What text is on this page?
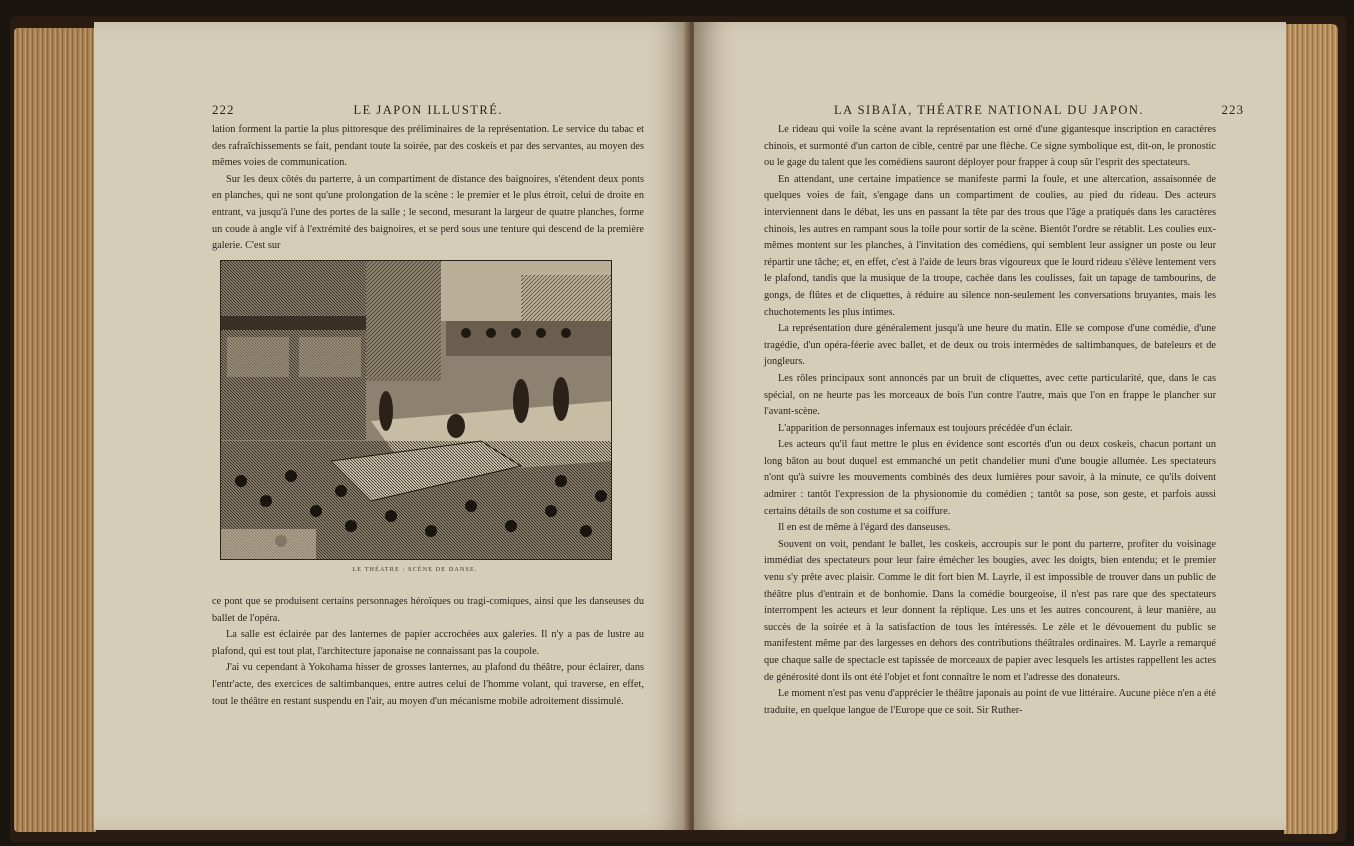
222	LE JAPON ILLUSTRÉ.

lation forment la partie la plus pittoresque des préliminaires de la représentation. Le service du tabac et des rafraîchissements se fait, pendant toute la soirée, par des coskeis et par des servantes, au moyen des mêmes voies de communication.

Sur les deux côtés du parterre, à un compartiment de distance des baignoires, s'étendent deux ponts en planches, qui ne sont qu'une prolongation de la scène : le premier et le plus étroit, celui de droite en entrant, va jusqu'à l'une des portes de la salle ; le second, mesurant la largeur de quatre planches, forme un coude à angle vif à l'extrémité des baignoires, et se perd sous une tenture qui descend de la première galerie. C'est sur

LE THÉATRE : SCÈNE DE DANSE.

ce pont que se produisent certains personnages héroïques ou tragi-comiques, ainsi que les danseuses du ballet de l'opéra.

La salle est éclairée par des lanternes de papier accrochées aux galeries. Il n'y a pas de lustre au plafond, qui est tout plat, l'architecture japonaise ne connaissant pas la coupole.

J'ai vu cependant à Yokohama hisser de grosses lanternes, au plafond du théâtre, pour éclairer, dans l'entr'acte, des exercices de saltimbanques, entre autres celui de l'homme volant, qui traverse, en effet, tout le théâtre en restant suspendu en l'air, au moyen d'un mécanisme mobile adroitement dissimulé.

LA SIBAÏA, THÉATRE NATIONAL DU JAPON.	223

Le rideau qui voile la scène avant la représentation est orné d'une gigantesque inscription en caractères chinois, et surmonté d'un carton de cible, centré par une flèche. Ce signe symbolique est, dit-on, le pronostic ou le gage du talent que les comédiens sauront déployer pour frapper à coup sûr l'esprit des spectateurs.

En attendant, une certaine impatience se manifeste parmi la foule, et une altercation, assaisonnée de quelques voies de fait, s'engage dans un compartiment de coulies, au pied du rideau. Des acteurs interviennent dans le débat, les uns en passant la tête par des trous que l'âge a pratiqués dans les caractères chinois, les autres en rampant sous la toile pour sortir de la scène. Bientôt l'ordre se rétablit. Les coulies eux-mêmes montent sur les planches, à l'invitation des comédiens, qui semblent leur assigner un poste ou leur répartir une tâche; et, en effet, c'est à l'aide de leurs bras vigoureux que le lourd rideau s'élève lentement vers le plafond, tandis que la musique de la troupe, cachée dans les coulisses, fait un tapage de tambourins, de gongs, de flûtes et de cliquettes, à réduire au silence non-seulement les conversations bruyantes, mais les chuchotements les plus intimes.

La représentation dure généralement jusqu'à une heure du matin. Elle se compose d'une comédie, d'une tragédie, d'un opéra-féerie avec ballet, et de deux ou trois intermèdes de saltimbanques, de bateleurs et de jongleurs.

Les rôles principaux sont annoncés par un bruit de cliquettes, avec cette particularité, que, dans le cas spécial, on ne heurte pas les morceaux de bois l'un contre l'autre, mais que l'on en frappe le plancher sur l'avant-scène.

L'apparition de personnages infernaux est toujours précédée d'un éclair.

Les acteurs qu'il faut mettre le plus en évidence sont escortés d'un ou deux coskeis, chacun portant un long bâton au bout duquel est emmanché un petit chandelier muni d'une bougie allumée. Les spectateurs n'ont qu'à suivre les mouvements combinés des deux lumières pour savoir, à la minute, ce qu'ils doivent admirer : tantôt l'expression de la physionomie du comédien ; tantôt sa pose, son geste, et parfois aussi certains détails de son costume et sa coiffure.

Il en est de même à l'égard des danseuses.

Souvent on voit, pendant le ballet, les coskeis, accroupis sur le pont du parterre, profiter du voisinage immédiat des spectateurs pour leur faire émécher les bougies, avec les doigts, bien entendu; et le premier venu s'y prête avec plaisir. Comme le dit fort bien M. Layrle, il est impossible de trouver dans un public de théâtre plus d'entrain et de bonhomie. Dans la comédie bourgeoise, il n'est pas rare que des spectateurs interrompent les acteurs et leur donnent la réplique. Les uns et les autres concourent, à leur manière, au succès de la soirée et à la satisfaction de tous les intéressés. Le zèle et le dévouement du public se manifestent même par des largesses en dehors des contributions théâtrales ordinaires. M. Layrle a remarqué que chaque salle de spectacle est tapissée de morceaux de papier avec lesquels les artistes rappellent les actes de générosité dont ils ont été l'objet et font connaître le nom et l'adresse des donateurs.

Le moment n'est pas venu d'apprécier le théâtre japonais au point de vue littéraire. Aucune pièce n'en a été traduite, en quelque langue de l'Europe que ce soit. Sir Ruther-
